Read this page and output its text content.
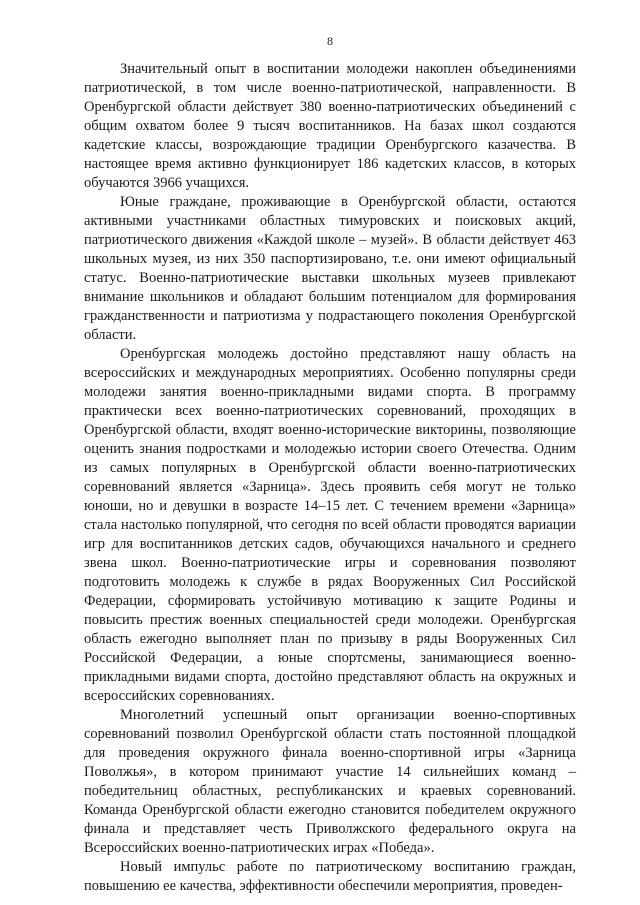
8

Значительный опыт в воспитании молодежи накоплен объединениями патриотической, в том числе военно-патриотической, направленности. В Оренбургской области действует 380 военно-патриотических объединений с общим охватом более 9 тысяч воспитанников. На базах школ создаются кадетские классы, возрождающие традиции Оренбургского казачества. В настоящее время активно функционирует 186 кадетских классов, в которых обучаются 3966 учащихся.

Юные граждане, проживающие в Оренбургской области, остаются активными участниками областных тимуровских и поисковых акций, патриотического движения «Каждой школе – музей». В области действует 463 школьных музея, из них 350 паспортизировано, т.е. они имеют официальный статус. Военно-патриотические выставки школьных музеев привлекают внимание школьников и обладают большим потенциалом для формирования гражданственности и патриотизма у подрастающего поколения Оренбургской области.

Оренбургская молодежь достойно представляют нашу область на всероссийских и международных мероприятиях. Особенно популярны среди молодежи занятия военно-прикладными видами спорта. В программу практически всех военно-патриотических соревнований, проходящих в Оренбургской области, входят военно-исторические викторины, позволяющие оценить знания подростками и молодежью истории своего Отечества. Одним из самых популярных в Оренбургской области военно-патриотических соревнований является «Зарница». Здесь проявить себя могут не только юноши, но и девушки в возрасте 14–15 лет. С течением времени «Зарница» стала настолько популярной, что сегодня по всей области проводятся вариации игр для воспитанников детских садов, обучающихся начального и среднего звена школ. Военно-патриотические игры и соревнования позволяют подготовить молодежь к службе в рядах Вооруженных Сил Российской Федерации, сформировать устойчивую мотивацию к защите Родины и повысить престиж военных специальностей среди молодежи. Оренбургская область ежегодно выполняет план по призыву в ряды Вооруженных Сил Российской Федерации, а юные спортсмены, занимающиеся военно-прикладными видами спорта, достойно представляют область на окружных и всероссийских соревнованиях.

Многолетний успешный опыт организации военно-спортивных соревнований позволил Оренбургской области стать постоянной площадкой для проведения окружного финала военно-спортивной игры «Зарница Поволжья», в котором принимают участие 14 сильнейших команд – победительниц областных, республиканских и краевых соревнований. Команда Оренбургской области ежегодно становится победителем окружного финала и представляет честь Приволжского федерального округа на Всероссийских военно-патриотических играх «Победа».

Новый импульс работе по патриотическому воспитанию граждан, повышению ее качества, эффективности обеспечили мероприятия, проведен-
